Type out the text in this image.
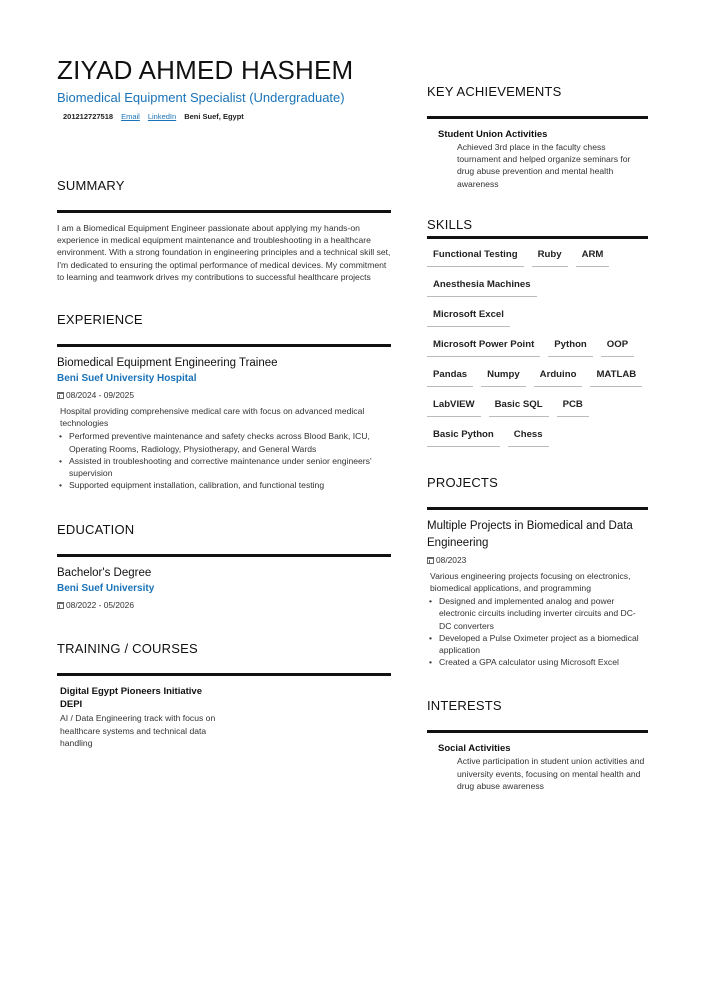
ZIYAD AHMED HASHEM
Biomedical Equipment Specialist (Undergraduate)
201212727518 Email LinkedIn Beni Suef, Egypt
SUMMARY
I am a Biomedical Equipment Engineer passionate about applying my hands-on experience in medical equipment maintenance and troubleshooting in a healthcare environment. With a strong foundation in engineering principles and a technical skill set, I'm dedicated to ensuring the optimal performance of medical devices. My commitment to learning and teamwork drives my contributions to successful healthcare projects
EXPERIENCE
Biomedical Equipment Engineering Trainee
Beni Suef University Hospital
08/2024 - 09/2025
Hospital providing comprehensive medical care with focus on advanced medical technologies
• Performed preventive maintenance and safety checks across Blood Bank, ICU, Operating Rooms, Radiology, Physiotherapy, and General Wards
• Assisted in troubleshooting and corrective maintenance under senior engineers' supervision
• Supported equipment installation, calibration, and functional testing
EDUCATION
Bachelor's Degree
Beni Suef University
08/2022 - 05/2026
TRAINING / COURSES
Digital Egypt Pioneers Initiative
DEPI
AI / Data Engineering track with focus on healthcare systems and technical data handling
KEY ACHIEVEMENTS
Student Union Activities
Achieved 3rd place in the faculty chess tournament and helped organize seminars for drug abuse prevention and mental health awareness
SKILLS
Functional Testing	Ruby	ARM
Anesthesia Machines
Microsoft Excel
Microsoft Power Point	Python	OOP
Pandas	Numpy	Arduino	MATLAB
LabVIEW	Basic SQL	PCB
Basic Python	Chess
PROJECTS
Multiple Projects in Biomedical and Data Engineering
08/2023
Various engineering projects focusing on electronics, biomedical applications, and programming
• Designed and implemented analog and power electronic circuits including inverter circuits and DC-DC converters
• Developed a Pulse Oximeter project as a biomedical application
• Created a GPA calculator using Microsoft Excel
INTERESTS
Social Activities
Active participation in student union activities and university events, focusing on mental health and drug abuse awareness
